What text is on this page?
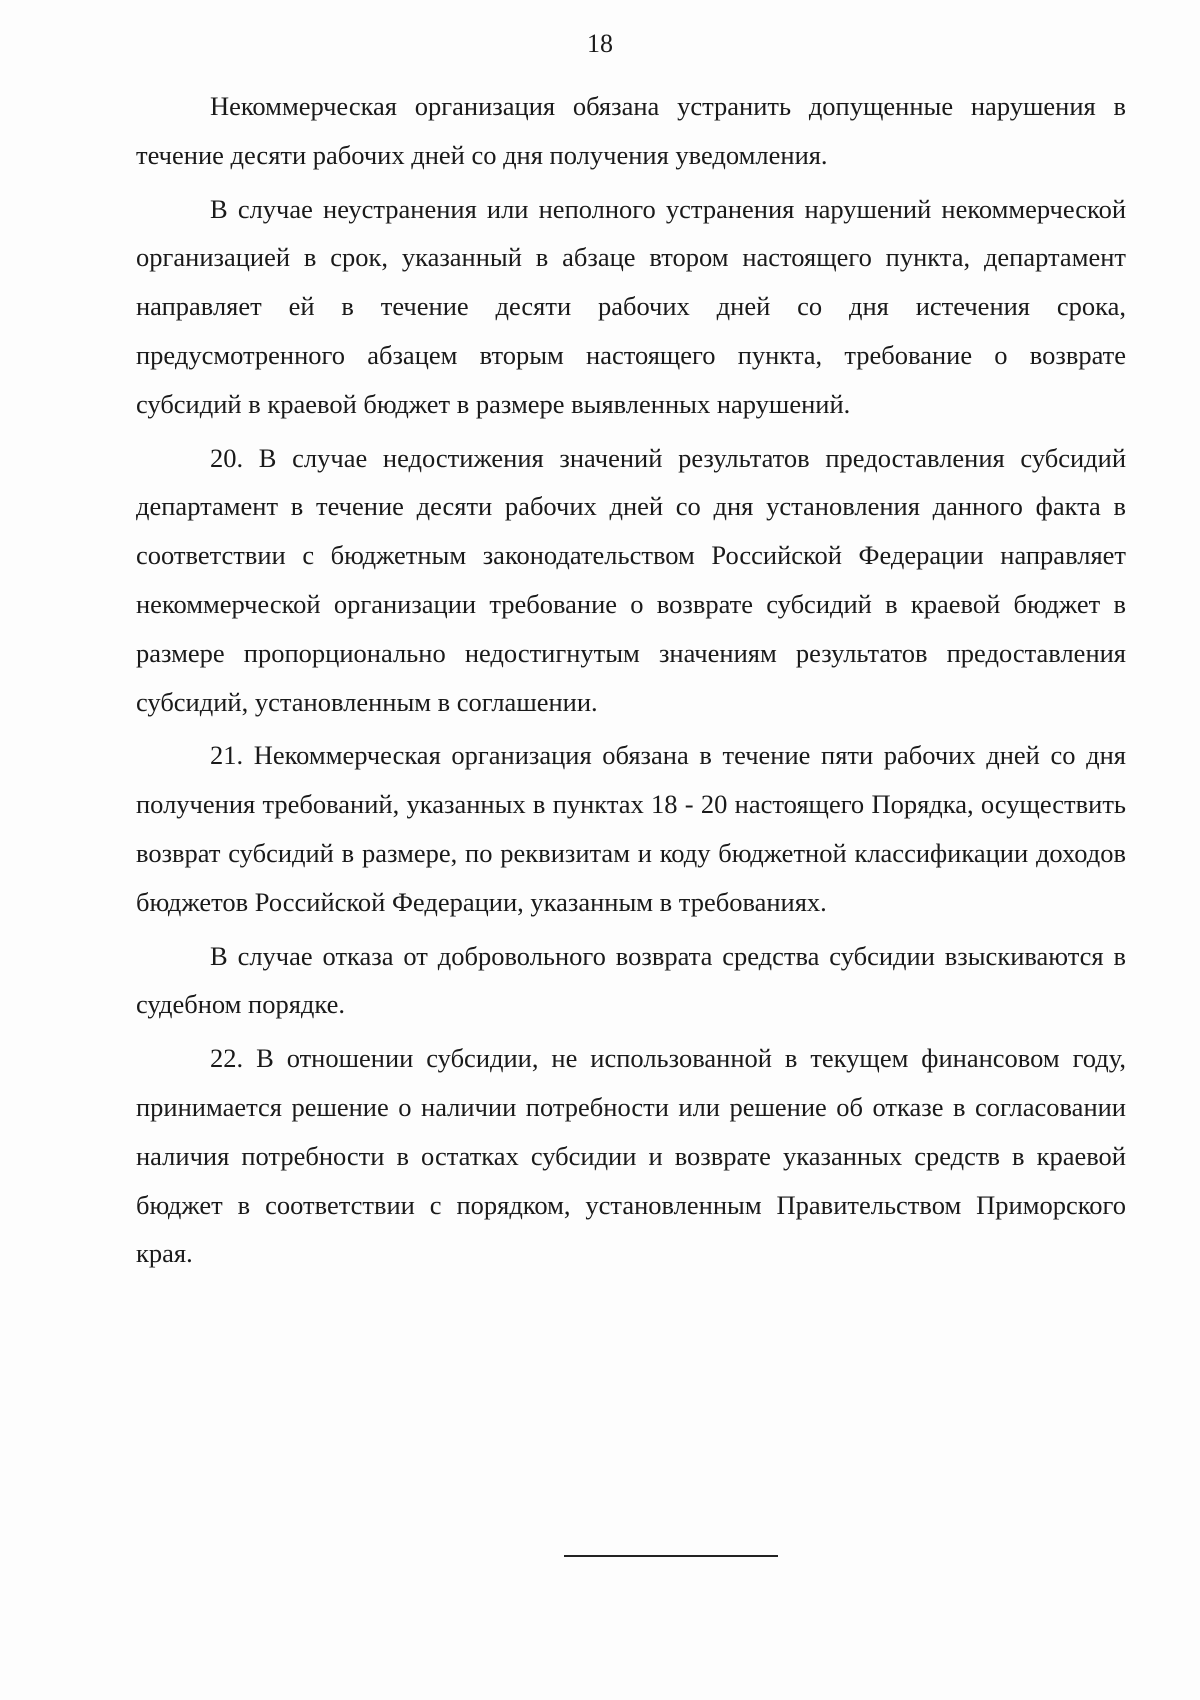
18

Некоммерческая организация обязана устранить допущенные нарушения в течение десяти рабочих дней со дня получения уведомления.

В случае неустранения или неполного устранения нарушений некоммерческой организацией в срок, указанный в абзаце втором настоящего пункта, департамент направляет ей в течение десяти рабочих дней со дня истечения срока, предусмотренного абзацем вторым настоящего пункта, требование о возврате субсидий в краевой бюджет в размере выявленных нарушений.

20. В случае недостижения значений результатов предоставления субсидий департамент в течение десяти рабочих дней со дня установления данного факта в соответствии с бюджетным законодательством Российской Федерации направляет некоммерческой организации требование о возврате субсидий в краевой бюджет в размере пропорционально недостигнутым значениям результатов предоставления субсидий, установленным в соглашении.

21. Некоммерческая организация обязана в течение пяти рабочих дней со дня получения требований, указанных в пунктах 18 - 20 настоящего Порядка, осуществить возврат субсидий в размере, по реквизитам и коду бюджетной классификации доходов бюджетов Российской Федерации, указанным в требованиях.

В случае отказа от добровольного возврата средства субсидии взыскиваются в судебном порядке.

22. В отношении субсидии, не использованной в текущем финансовом году, принимается решение о наличии потребности или решение об отказе в согласовании наличия потребности в остатках субсидии и возврате указанных средств в краевой бюджет в соответствии с порядком, установленным Правительством Приморского края.
